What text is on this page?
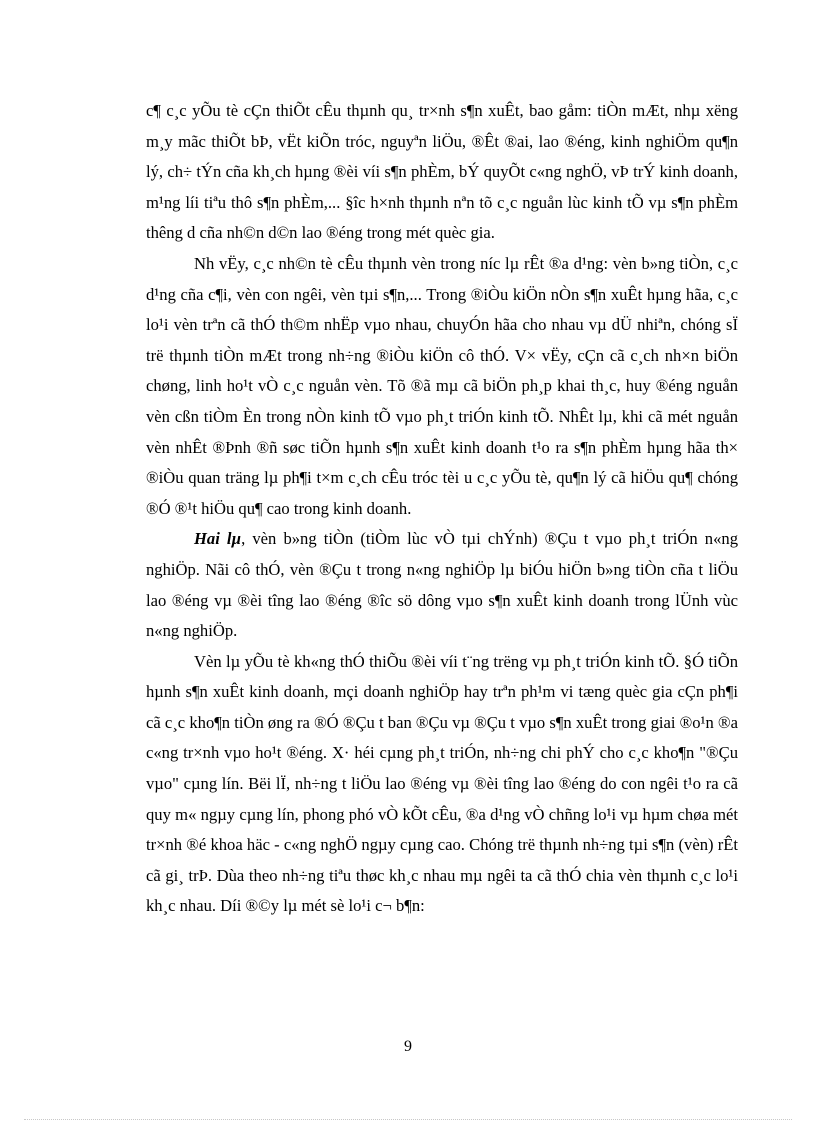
c¶ c¸c yÕu tè cÇn thiÕt cÊu thµnh qu¸ tr×nh s¶n xuÊt, bao gåm: tiÒn mÆt, nhµ xëng m¸y mãc thiÕt bÞ, vËt kiÕn tróc, nguyªn liÖu, ®Êt ®ai, lao ®éng, kinh nghiÖm qu¶n lý, ch÷ tÝn cña kh¸ch hµng ®èi víi s¶n phÈm, bÝ quyÕt c«ng nghÖ, vÞ trÝ kinh doanh, m¹ng líi tiªu thô s¶n phÈm,... §îc h×nh thµnh nªn tõ c¸c nguån lùc kinh tÕ vµ s¶n phÈm thêng d cña nh©n d©n lao ®éng trong mét quèc gia.

Nh vËy, c¸c nh©n tè cÊu thµnh vèn trong níc lµ rÊt ®a d¹ng: vèn b»ng tiÒn, c¸c d¹ng cña c¶i, vèn con ngêi, vèn tµi s¶n,... Trong ®iÒu kiÖn nÒn s¶n xuÊt hµng hãa, c¸c lo¹i vèn trªn cã thÓ th©m nhËp vµo nhau, chuyÓn hãa cho nhau vµ dÜ nhiªn, chóng sÏ trë thµnh tiÒn mÆt trong nh÷ng ®iÒu kiÖn cô thÓ. V× vËy, cÇn cã c¸ch nh×n biÖn chøng, linh ho¹t vÒ c¸c nguån vèn. Tõ ®ã mµ cã biÖn ph¸p khai th¸c, huy ®éng nguån vèn cßn tiÒm Èn trong nÒn kinh tÕ vµo ph¸t triÓn kinh tÕ. NhÊt lµ, khi cã mét nguån vèn nhÊt ®Þnh ®ñ søc tiÕn hµnh s¶n xuÊt kinh doanh t¹o ra s¶n phÈm hµng hãa th× ®iÒu quan träng lµ ph¶i t×m c¸ch cÊu tróc tèi u c¸c yÕu tè, qu¶n lý cã hiÖu qu¶ chóng ®Ó ®¹t hiÖu qu¶ cao trong kinh doanh.

Hai lµ, vèn b»ng tiÒn (tiÒm lùc vÒ tµi chÝnh) ®Çu t vµo ph¸t triÓn n«ng nghiÖp. Nãi cô thÓ, vèn ®Çu t trong n«ng nghiÖp lµ biÓu hiÖn b»ng tiÒn cña t liÖu lao ®éng vµ ®èi tîng lao ®éng ®îc sö dông vµo s¶n xuÊt kinh doanh trong lÜnh vùc n«ng nghiÖp.

Vèn lµ yÕu tè kh«ng thÓ thiÕu ®èi víi t¨ng trëng vµ ph¸t triÓn kinh tÕ. §Ó tiÕn hµnh s¶n xuÊt kinh doanh, mçi doanh nghiÖp hay trªn ph¹m vi tæng quèc gia cÇn ph¶i cã c¸c kho¶n tiÒn øng ra ®Ó ®Çu t ban ®Çu vµ ®Çu t vµo s¶n xuÊt trong giai ®o¹n ®a c«ng tr×nh vµo ho¹t ®éng. X· héi cµng ph¸t triÓn, nh÷ng chi phÝ cho c¸c kho¶n "®Çu vµo" cµng lín. Bëi lÏ, nh÷ng t liÖu lao ®éng vµ ®èi tîng lao ®éng do con ngêi t¹o ra cã quy m« ngµy cµng lín, phong phó vÒ kÕt cÊu, ®a d¹ng vÒ chñng lo¹i vµ hµm chøa mét tr×nh ®é khoa häc - c«ng nghÖ ngµy cµng cao. Chóng trë thµnh nh÷ng tµi s¶n (vèn) rÊt cã gi¸ trÞ. Dùa theo nh÷ng tiªu thøc kh¸c nhau mµ ngêi ta cã thÓ chia vèn thµnh c¸c lo¹i kh¸c nhau. Díi ®©y lµ mét sè lo¹i c¬ b¶n:

9
